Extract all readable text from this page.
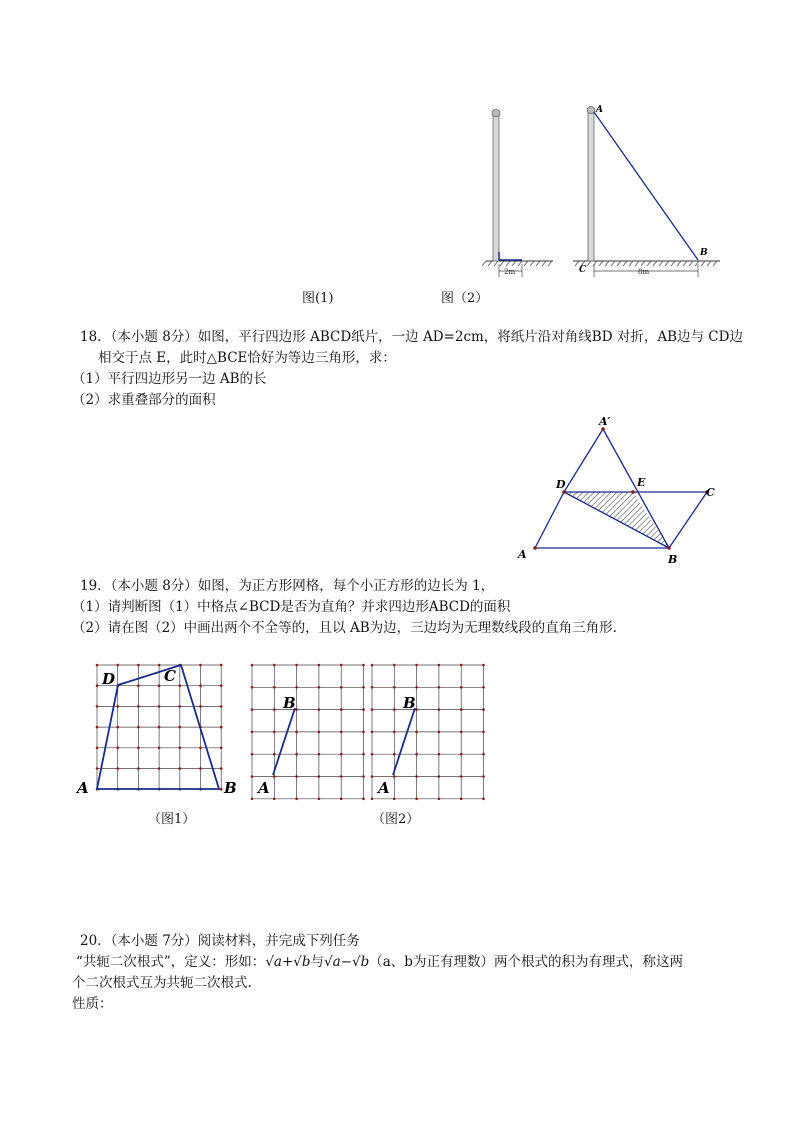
2m	8m
A
B
C
图(1)	图（2）
18．（本小题 8分）如图，平行四边形 ABCD纸片，一边 AD=2cm，将纸片沿对角线BD 对折，AB边与 CD边
相交于点 E，此时△BCE恰好为等边三角形，求：
（1）平行四边形另一边 AB的长
（2）求重叠部分的面积
A′
D	E
C
A	B
19．（本小题 8分）如图，为正方形网格，每个小正方形的边长为 1，
（1）请判断图（1）中格点∠BCD是否为直角？并求四边形ABCD的面积
（2）请在图（2）中画出两个不全等的，且以 AB为边，三边均为无理数线段的直角三角形.
D	C
A	B
B
A
B
A
（图1）	（图2）
20．（本小题 7分）阅读材料，并完成下列任务
“共轭二次根式”，定义：形如：√a+√b与√a−√b（a、b为正有理数）两个根式的积为有理式，称这两
个二次根式互为共轭二次根式.
性质：
